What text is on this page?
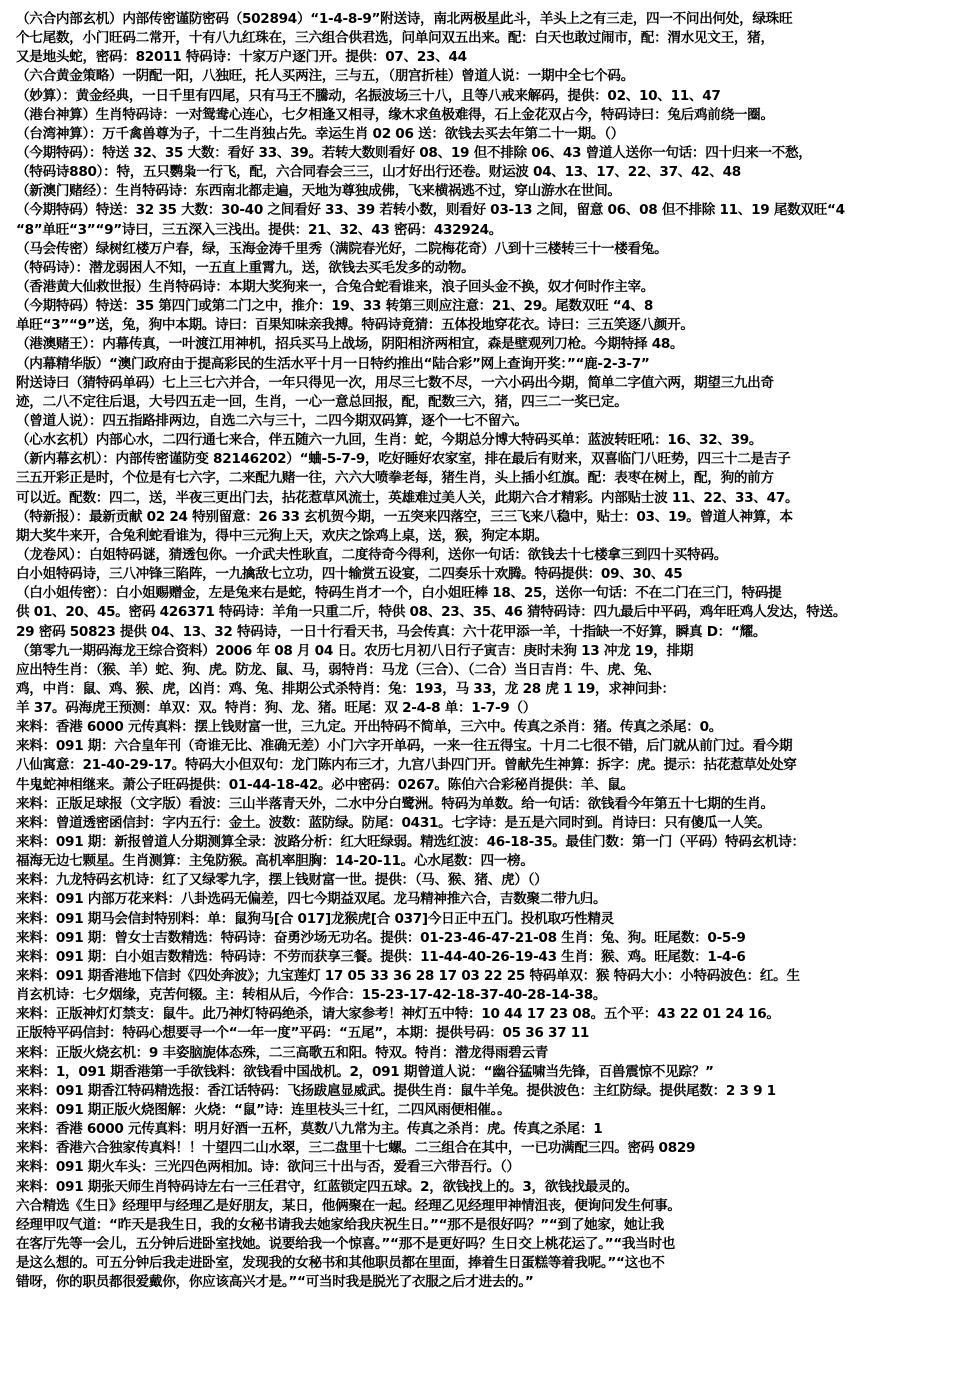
（六合内部玄机）内部传密谨防密码（502894）“1-4-8-9”附送诗，南北两极星此斗，羊头上之有三走，四一不问出何处，绿珠旺
个七尾数，小门旺码二常开，十有八九红珠在，三六组合供君选，问单问双五出来。配：白天也敢过闹市，配：渭水见文王，猪，
又是地头蛇，密码：82011 特码诗：十家万户逐门开。提供：07、23、44
（六合黄金策略）一阴配一阳，八独旺，托人买两注，三与五，（朋宫折桂）曾道人说：一期中全七个码。
（妙算）：黄金经典，一日千里有四尾，只有马王不騰动，名振波场三十八，且等八戒来解码，提供：02、10、11、47
（港台神算）生肖特码诗：一对鸳鸯心连心，七夕相逢又相寻，缘木求鱼极难得，石上金花双占今，特码诗曰：兔后鸡前绕一圈。
（台湾神算）：万千禽兽尊为子，十二生肖独占先。幸运生肖 02 06 送：欲钱去买去年第二十一期。（）
（今期特码）：特送 32、35 大数：看好 33、39。若转大数则看好 08、19 但不排除 06、43 曾道人送你一句话：四十归来一不愁，
（特码诗880）：特，五只鹦枭一行飞，配，六合同春会三三，山才好出行还卷。财运波 04、13、17、22、37、42、48
（新澳门赌经）：生肖特码诗：东西南北都走遍，天地为尊独成佛，飞来横祸逃不过，穿山游水在世间。
（今期特码）特送：32 35 大数：30-40 之间看好 33、39 若转小数，则看好 03-13 之间，留意 06、08 但不排除 11、19 尾数双旺“4
“8”单旺“3”“9”诗曰，三五深入三浅出。提供：21、32、43 密码：432924。
（马会传密）绿树红楼万户春，绿，玉海金涛千里秀（满院春光好，二院梅花奇）八到十三楼转三十一楼看兔。
（特码诗）：潜龙弱困人不知，一五直上重霄九，送，欲钱去买毛发多的动物。
（香港黄大仙救世报）生肖特码诗：本期大奖狗来一，合兔合蛇看谁来，浪子回头金不换，奴才何时作主宰。
（今期特码）特送：35 第四门或第二门之中，推介：19、33 转第三则应注意：21、29。尾数双旺 “4、8
单旺“3”“9”送，兔，狗中本期。诗曰：百果知味亲我搏。特码诗竟猜：五体投地穿花衣。诗曰：三五笑逐八颜开。
（港澳赌王）：内幕传真，一叶渡江用神机，招兵买马上战场，阴阳相济两相宜，森是壁观列刀枪。今期特择 48。
（内幕精华版）“澳门政府由于提高彩民的生活水平十月一日特约推出“陆合彩”网上查询开奖：”“鹿-2-3-7”
附送诗曰（猜特码单码）七上三七六并合，一年只得见一次，用尽三七数不尽，一六小码出今期，简单二字值六两，期望三九出奇
迹，二八不定往后退，大号四五走一回，生肖，一心一意总回报，配，配数三六，猪，四三二一奖已定。
（曾道人说）：四五指路排两边，自选二六与三十，二四今期双码算，逐个一七不留六。
（心水玄机）内部心水，二四行通七来合，伴五随六一九回，生肖：蛇，今期总分博大特码买单：蓝波转旺吼：16、32、39。
（新内幕玄机）：内部传密谨防变 82146202）“蛐-5-7-9，吃好睡好农家室，排在最后有财来，双喜临门八旺势，四三十二是吉子
三五开彩正是时，个位是有七六字，二来配九赌一往，六六大喷拳老每，猪生肖，头上插小红旗。配：表枣在树上，配，狗的前方
可以近。配数：四二，送，半夜三更出门去，拈花惹草风流士，英雄难过美人关，此期六合才精彩。内部贴士波 11、22、33、47。
（特新报）：最新贡献 02 24 特别留意：26 33 玄机贺今期，一五突来四落空，三三飞来八稳中，贴士：03、19。曾道人神算，本
期大奖牛来开，合兔利蛇看谁为，得中三元狗上天，欢庆之馀鸡上桌，送，猴，狗定本期。
（龙卷风）：白姐特码谜，猜透包你。一介武夫性耿直，二度待奇今得利，送你一句话：欲钱去十七楼拿三到四十买特码。
白小姐特码诗，三八冲锋三陷阵，一九擒敌七立功，四十输赏五设宴，二四奏乐十欢腾。特码提供：09、30、45
（白小姐传密）：白小姐赐赠金，左是兔来右是蛇，特码生肖才一个，白小姐旺棒 18、25，送你一句话：不在二门在三门，特码提
供 01、20、45。密码 426371 特码诗：羊角一只重二斤，特供 08、23、35、46 猜特码诗：四九最后中平码，鸡年旺鸡人发达，特送。
29 密码 50823 提供 04、13、32 特码诗，一日十行看天书，马会传真：六十花甲添一羊，十指缺一不好算，瞬真 D：“耀。
（第零九一期码海龙王综合资料）2006 年 08 月 04 日。农历七月初八日行子寅吉：庚时未狗 13 冲龙 19，排期
应出特生肖：（猴、羊）蛇、狗、虎。防龙、鼠、马，弱特肖：马龙（三合）、（二合）当日吉肖：牛、虎、兔、
鸡，中肖：鼠、鸡、猴、虎，凶肖：鸡、兔、排期公式杀特肖：兔：193，马 33，龙 28 虎 1 19，求神问卦：
羊 37。码海虎王预测：单双：双。特肖：狗、龙、猪。旺尾：双 2-4-8 单：1-7-9（）
来料：香港 6000 元传真料：摆上钱财富一世，三九定。开出特码不简单，三六中。传真之杀肖：猪。传真之杀尾：0。
来料：091 期：六合皇年刊（奇谁无比、准确无差）小门六字开单码，一来一往五得宝。十月二七很不错，后门就从前门过。看今期
八仙寓意：21-40-29-17。特码大小但双句：龙门陈内布三才，九宫八卦四门开。曾献先生神算：拆字：虎。提示：拈花惹草处处穿
牛鬼蛇神相继来。萧公子旺码提供：01-44-18-42。必中密码：0267。陈伯六合彩秘肖提供：羊、鼠。
来料：正版足球报（文字版）看波：三山半落青天外，二水中分白鹭洲。特码为单数。给一句话：欲钱看今年第五十七期的生肖。
来料：曾道透密函信封：字内五行：金土。波数：蓝防绿。防尾：0431。七字诗：是五是六同时到。肖诗曰：只有傻瓜一人笑。
来料：091 期：新报曾道人分期测算全录：波路分析：红大旺绿弱。精选红波：46-18-35。最佳门数：第一门（平码）特码玄机诗：
福海无边七颗星。生肖测算：主兔防猴。高机率胆胸：14-20-11。心水尾数：四一榜。
来料：九龙特码玄机诗：红了又绿零九字，摆上钱财富一世。提供：（马、猴、猪、虎）（）
来料：091 内部万花来料：八卦选码无偏差，四七今期益双尾。龙马精神推六合，吉数聚二带九归。
来料：091 期马会信封特别料：单：鼠狗马[合 017]龙猴虎[合 037]今日正中五门。投机取巧性精灵
来料：091 期：曾女士吉数精选：特码诗：奋勇沙场无功名。提供：01-23-46-47-21-08 生肖：兔、狗。旺尾数：0-5-9
来料：091 期：白小姐吉数精选：特码诗：不劳而获享三餐。提供：11-44-40-26-19-43 生肖：猴、鸡。旺尾数：1-4-6
来料：091 期香港地下信封《四处奔波》；九宝莲灯 17 05 33 36 28 17 03 22 25 特码单双：猴 特码大小：小特码波色：红。生
肖玄机诗：七夕烟缘，克苦何辍。主：转相从后，今作合：15-23-17-42-18-37-40-28-14-38。
来料：正版神灯灯禁支：鼠牛。此乃神灯特码绝杀，请大家参考！神灯五中特：10 44 17 23 08。五个平：43 22 01 24 16。
正版特平码信封：特码心想要寻一个“一年一度”平码：“五尾”，本期：提供号码：05 36 37 11
来料：正版火烧玄机：9 丰姿脑旎体态殊，二三高歌五和阳。特双。特肖：潜龙得雨碧云青
来料：1，091 期香港第一手欲钱料：欲钱看中国战机。2，091 期曾道人说：“幽谷猛啸当先锋，百兽震惊不见踪？”
来料：091 期香江特码精选报：香江话特码：飞扬跋扈显威武。提供生肖：鼠牛羊兔。提供波色：主红防绿。提供尾数：2 3 9 1
来料：091 期正版火烧图解：火烧：“鼠”诗：连里枝头三十红，二四风雨便相催。。
来料：香港 6000 元传真料：明月好酒一五杯，莫数八九常为主。传真之杀肖：虎。传真之杀尾：1
来料：香港六合独家传真料！！十望四二山水翠，三二盘里十七螺。二三组合在其中，一已功满配三四。密码 0829
来料：091 期火车头：三光四色两相加。诗：欲问三十出与否，爱看三六带吾行。（）
来料：091 期张天师生肖特码诗左右一三任君守，红蓝锁定四五球。2，欲钱找上的。3，欲钱找最灵的。
六合精选《生日》经理甲与经理乙是好朋友，某日，他俩聚在一起。经理乙见经理甲神情沮丧，便询问发生何事。
经理甲叹气道：“昨天是我生日，我的女秘书请我去她家给我庆祝生日。”“那不是很好吗？”“到了她家，她让我
在客厅先等一会儿，五分钟后进卧室找她。说要给我一个惊喜。”“那不是更好吗？生日交上桃花运了。”“我当时也
是这么想的。可五分钟后我走进卧室，发现我的女秘书和其他职员都在里面，捧着生日蛋糕等着我呢。”“这也不
错呀，你的职员都很爱戴你，你应该高兴才是。”“可当时我是脱光了衣服之后才进去的。”
